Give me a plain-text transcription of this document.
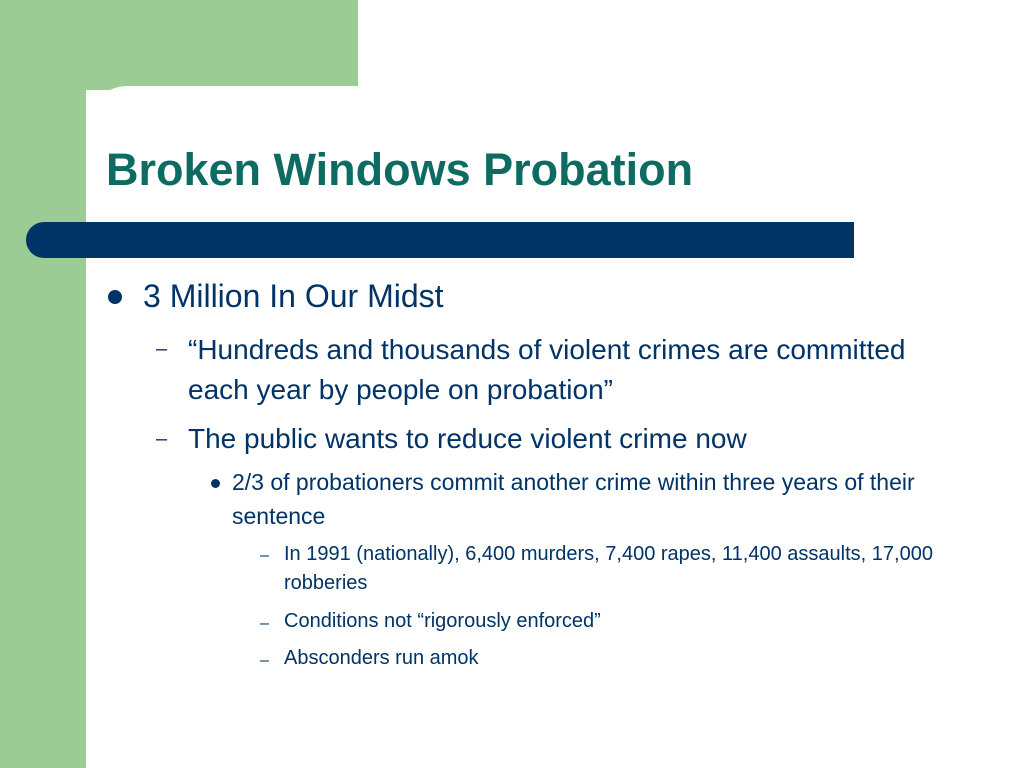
Broken Windows Probation

3 Million In Our Midst

– “Hundreds and thousands of violent crimes are committed each year by people on probation”

– The public wants to reduce violent crime now

2/3 of probationers commit another crime within three years of their sentence

– In 1991 (nationally), 6,400 murders, 7,400 rapes, 11,400 assaults, 17,000 robberies

– Conditions not “rigorously enforced”

– Absconders run amok
